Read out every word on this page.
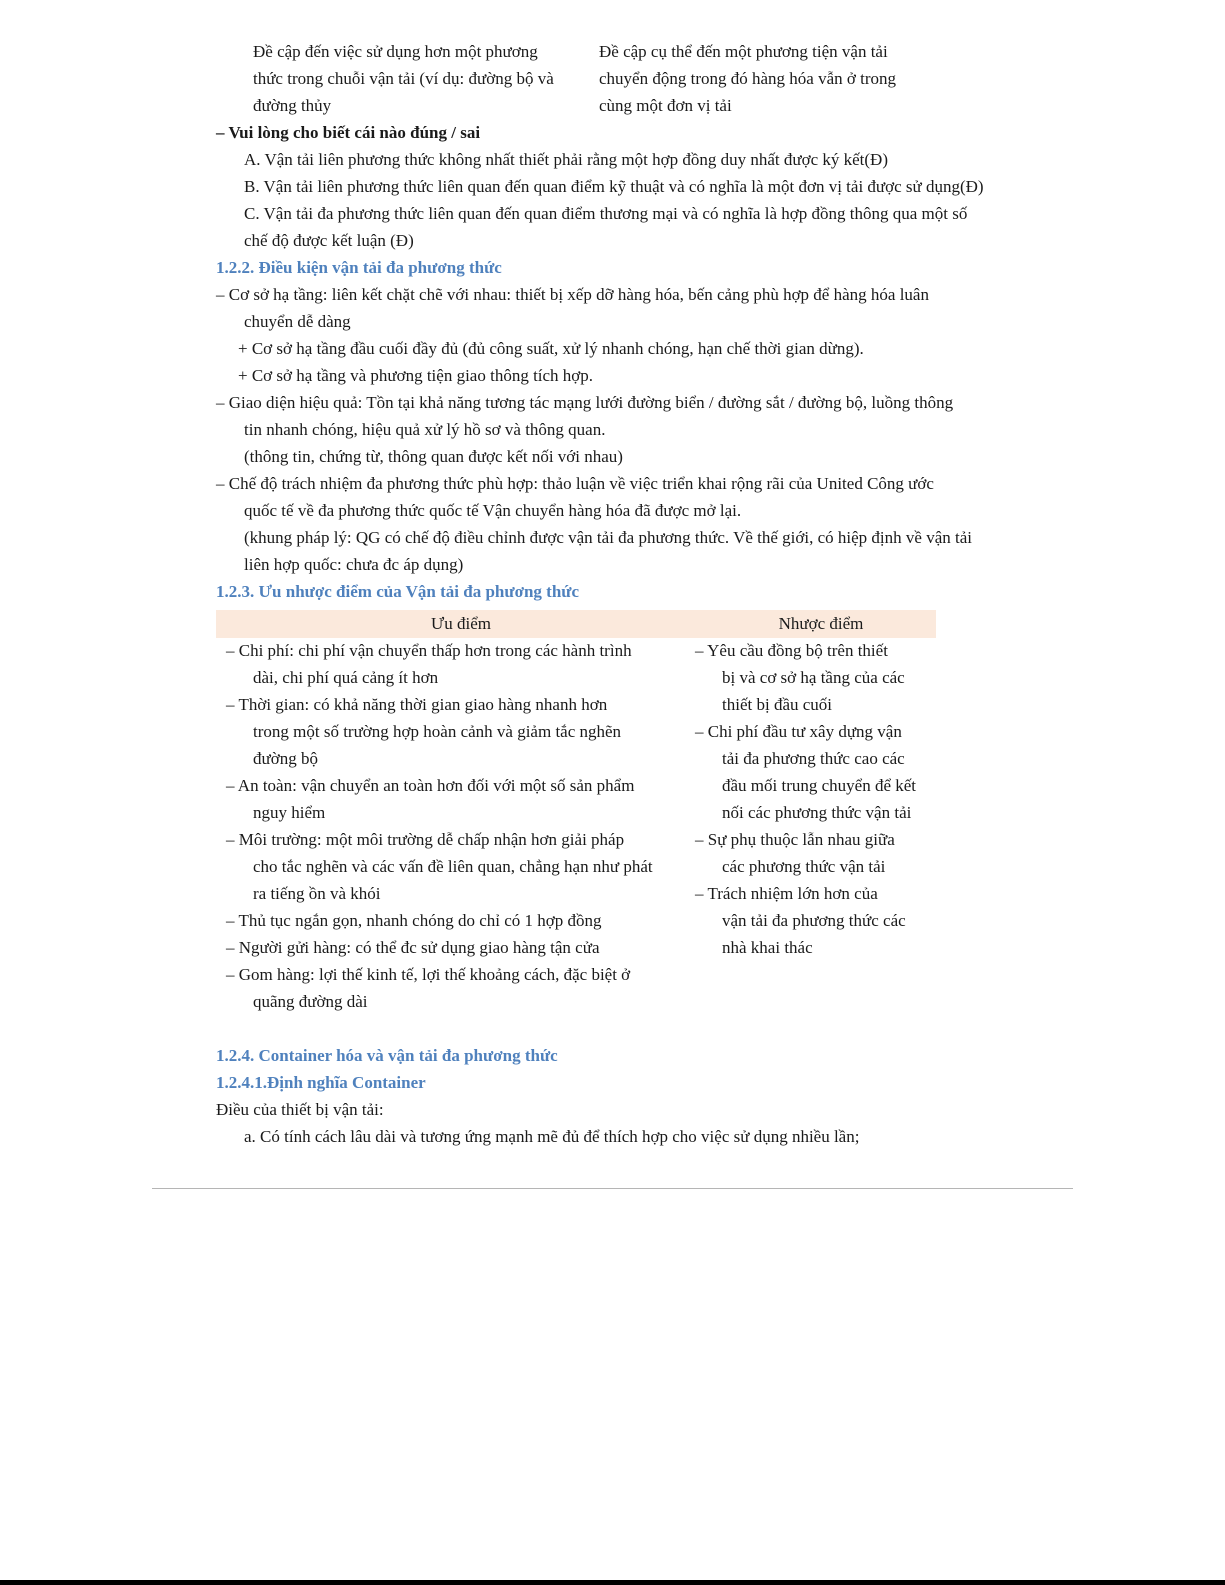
Đề cập đến việc sử dụng hơn một phương
thức trong chuỗi vận tải (ví dụ: đường bộ và
đường thủy
Đề cập cụ thể đến một phương tiện vận tải
chuyển động trong đó hàng hóa vẫn ở trong
cùng một đơn vị tải
– Vui lòng cho biết cái nào đúng / sai
A. Vận tải liên phương thức không nhất thiết phải rằng một hợp đồng duy nhất được ký kết(Đ)
B. Vận tải liên phương thức liên quan đến quan điểm kỹ thuật và có nghĩa là một đơn vị tải được sử dụng(Đ)
C. Vận tải đa phương thức liên quan đến quan điểm thương mại và có nghĩa là hợp đồng thông qua một số
chế độ được kết luận (Đ)
1.2.2. Điều kiện vận tải đa phương thức
– Cơ sở hạ tầng: liên kết chặt chẽ với nhau: thiết bị xếp dỡ hàng hóa, bến cảng phù hợp để hàng hóa luân
chuyển dễ dàng
+ Cơ sở hạ tầng đầu cuối đầy đủ (đủ công suất, xử lý nhanh chóng, hạn chế thời gian dừng).
+ Cơ sở hạ tầng và phương tiện giao thông tích hợp.
– Giao diện hiệu quả: Tồn tại khả năng tương tác mạng lưới đường biển / đường sắt / đường bộ, luồng thông
tin nhanh chóng, hiệu quả xử lý hồ sơ và thông quan.
(thông tin, chứng từ, thông quan được kết nối với nhau)
– Chế độ trách nhiệm đa phương thức phù hợp: thảo luận về việc triển khai rộng rãi của United Công ước
quốc tế về đa phương thức quốc tế Vận chuyển hàng hóa đã được mở lại.
(khung pháp lý: QG có chế độ điều chỉnh được vận tải đa phương thức. Về thế giới, có hiệp định về vận tải
liên hợp quốc: chưa đc áp dụng)
1.2.3. Ưu nhược điểm của Vận tải đa phương thức
Ưu điểm	Nhược điểm
– Chi phí: chi phí vận chuyển thấp hơn trong các hành trình
dài, chi phí quá cảng ít hơn
– Thời gian: có khả năng thời gian giao hàng nhanh hơn
trong một số trường hợp hoàn cảnh và giảm tắc nghẽn
đường bộ
– An toàn: vận chuyển an toàn hơn đối với một số sản phẩm
nguy hiểm
– Môi trường: một môi trường dễ chấp nhận hơn giải pháp
cho tắc nghẽn và các vấn đề liên quan, chẳng hạn như phát
ra tiếng ồn và khói
– Thủ tục ngắn gọn, nhanh chóng do chỉ có 1 hợp đồng
– Người gửi hàng: có thể đc sử dụng giao hàng tận cửa
– Gom hàng: lợi thế kinh tế, lợi thế khoảng cách, đặc biệt ở
quãng đường dài
– Yêu cầu đồng bộ trên thiết
bị và cơ sở hạ tầng của các
thiết bị đầu cuối
– Chi phí đầu tư xây dựng vận
tải đa phương thức cao các
đầu mối trung chuyển để kết
nối các phương thức vận tải
– Sự phụ thuộc lẫn nhau giữa
các phương thức vận tải
– Trách nhiệm lớn hơn của
vận tải đa phương thức các
nhà khai thác
1.2.4. Container hóa và vận tải đa phương thức
1.2.4.1.Định nghĩa Container
Điều của thiết bị vận tải:
a. Có tính cách lâu dài và tương ứng mạnh mẽ đủ để thích hợp cho việc sử dụng nhiều lần;
